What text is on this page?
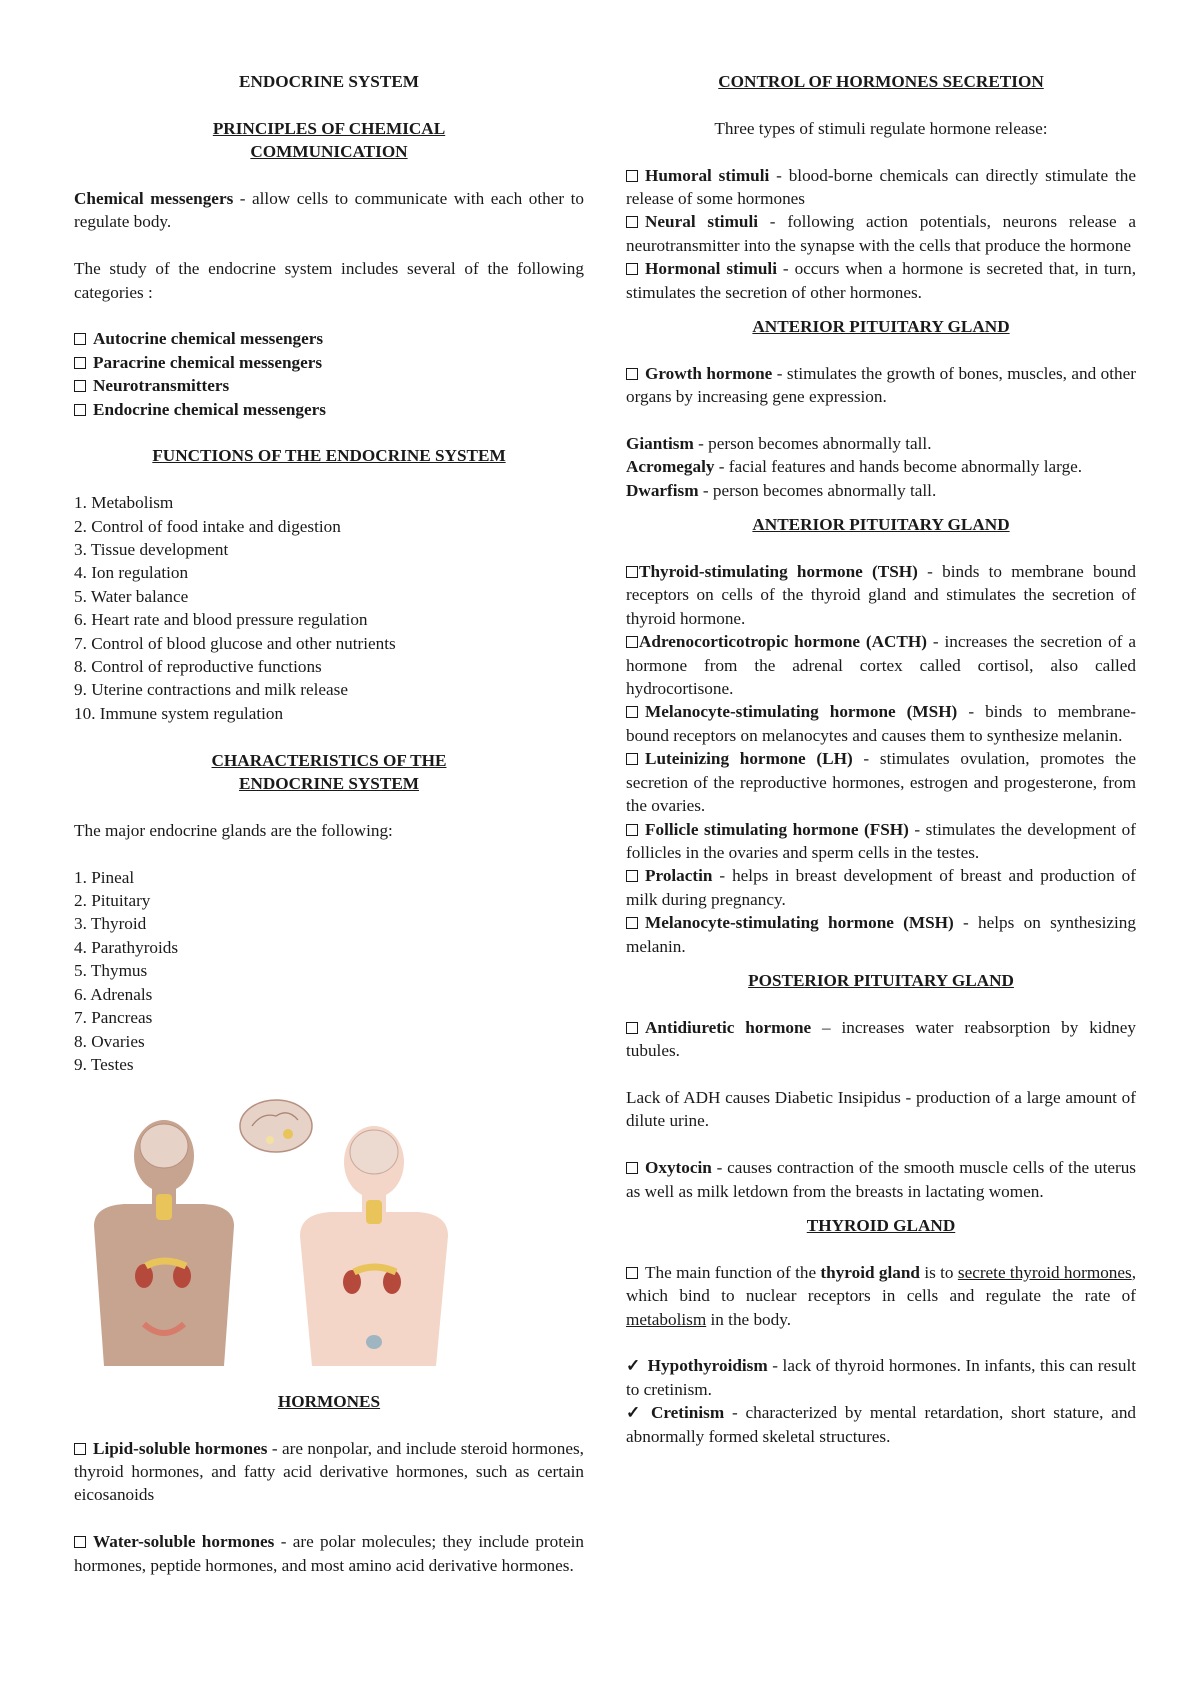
ENDOCRINE SYSTEM

PRINCIPLES OF CHEMICAL
COMMUNICATION

Chemical messengers - allow cells to communicate with each other to regulate body.

The study of the endocrine system includes several of the following categories :

Autocrine chemical messengers
Paracrine chemical messengers
Neurotransmitters
Endocrine chemical messengers

FUNCTIONS OF THE ENDOCRINE SYSTEM

1. Metabolism
2. Control of food intake and digestion
3. Tissue development
4. Ion regulation
5. Water balance
6. Heart rate and blood pressure regulation
7. Control of blood glucose and other nutrients
8. Control of reproductive functions
9. Uterine contractions and milk release
10. Immune system regulation

CHARACTERISTICS OF THE
ENDOCRINE SYSTEM

The major endocrine glands are the following:

1. Pineal
2. Pituitary
3. Thyroid
4. Parathyroids
5. Thymus
6. Adrenals
7. Pancreas
8. Ovaries
9. Testes

HORMONES

Lipid-soluble hormones - are nonpolar, and include steroid hormones, thyroid hormones, and fatty acid derivative hormones, such as certain eicosanoids

Water-soluble hormones - are polar molecules; they include protein hormones, peptide hormones, and most amino acid derivative hormones.

CONTROL OF HORMONES SECRETION

Three types of stimuli regulate hormone release:

Humoral stimuli - blood-borne chemicals can directly stimulate the release of some hormones

Neural stimuli - following action potentials, neurons release a neurotransmitter into the synapse with the cells that produce the hormone

Hormonal stimuli - occurs when a hormone is secreted that, in turn, stimulates the secretion of other hormones.

ANTERIOR PITUITARY GLAND

Growth hormone - stimulates the growth of bones, muscles, and other organs by increasing gene expression.

Giantism - person becomes abnormally tall.

Acromegaly - facial features and hands become abnormally large.

Dwarfism - person becomes abnormally tall.

ANTERIOR PITUITARY GLAND

Thyroid-stimulating hormone (TSH) - binds to membrane bound receptors on cells of the thyroid gland and stimulates the secretion of thyroid hormone.

Adrenocorticotropic hormone (ACTH) - increases the secretion of a hormone from the adrenal cortex called cortisol, also called hydrocortisone.

Melanocyte-stimulating hormone (MSH) - binds to membrane-bound receptors on melanocytes and causes them to synthesize melanin.

Luteinizing hormone (LH) - stimulates ovulation, promotes the secretion of the reproductive hormones, estrogen and progesterone, from the ovaries.

Follicle stimulating hormone (FSH) - stimulates the development of follicles in the ovaries and sperm cells in the testes.

Prolactin - helps in breast development of breast and production of milk during pregnancy.

Melanocyte-stimulating hormone (MSH) - helps on synthesizing melanin.

POSTERIOR PITUITARY GLAND

Antidiuretic hormone – increases water reabsorption by kidney tubules.

Lack of ADH causes Diabetic Insipidus - production of a large amount of dilute urine.

Oxytocin - causes contraction of the smooth muscle cells of the uterus as well as milk letdown from the breasts in lactating women.

THYROID GLAND

The main function of the thyroid gland is to secrete thyroid hormones, which bind to nuclear receptors in cells and regulate the rate of metabolism in the body.

✓ Hypothyroidism - lack of thyroid hormones. In infants, this can result to cretinism.

✓ Cretinism - characterized by mental retardation, short stature, and abnormally formed skeletal structures.
